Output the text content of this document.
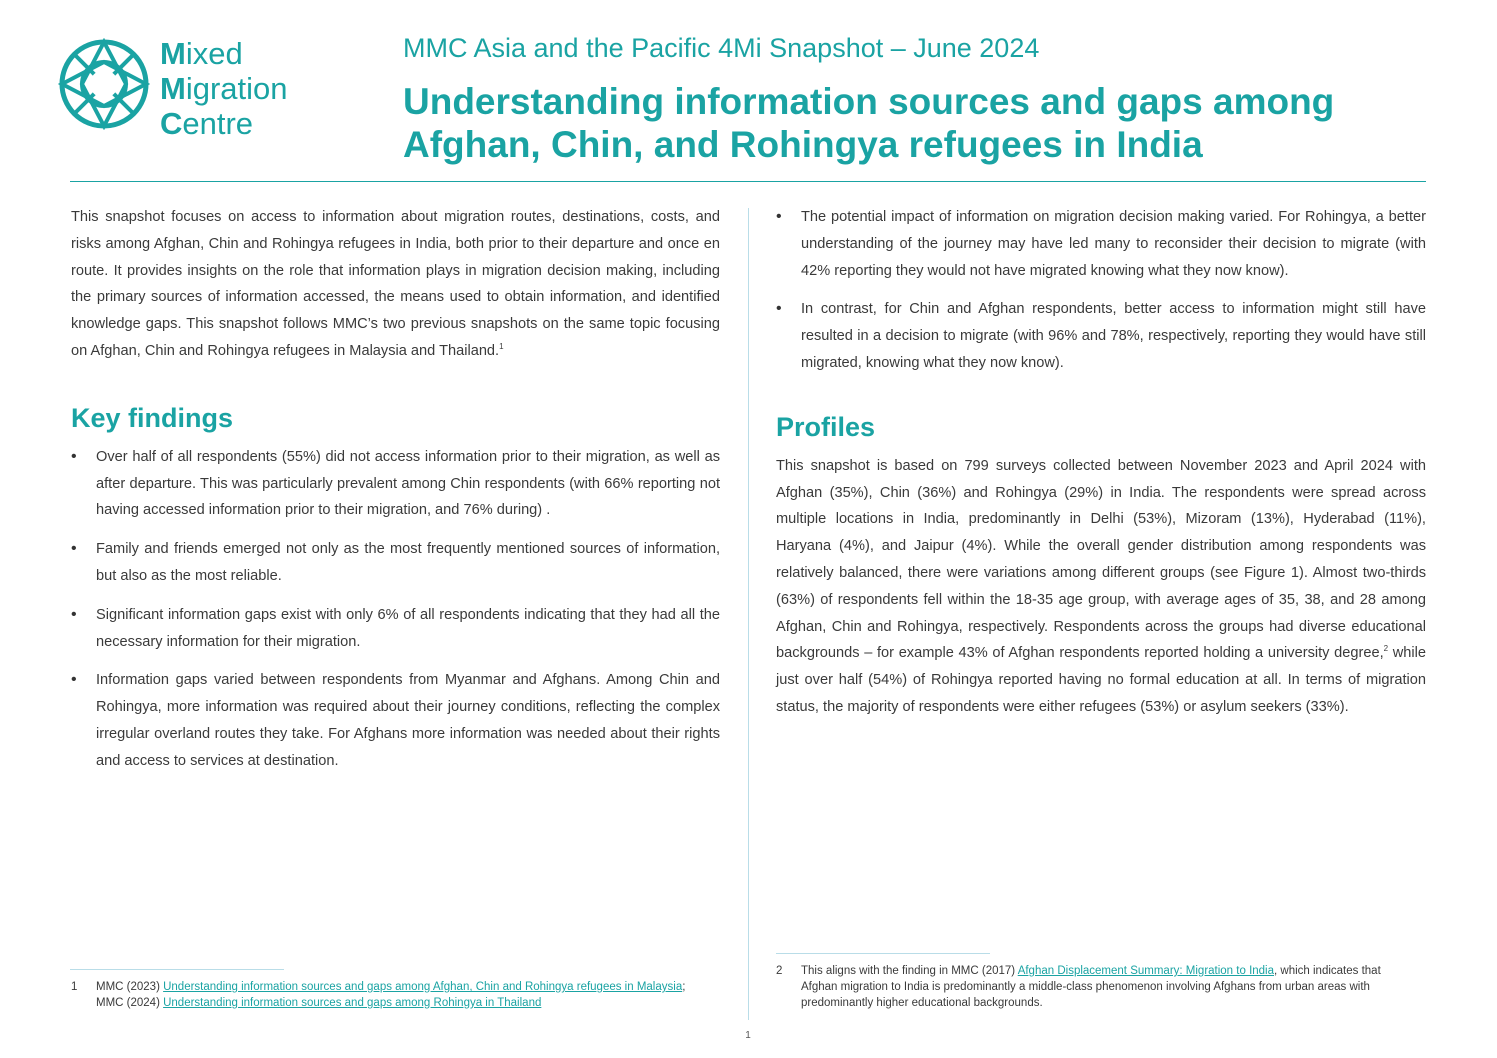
Mixed
Migration
Centre
MMC Asia and the Pacific 4Mi Snapshot – June 2024
Understanding information sources and gaps among Afghan, Chin, and Rohingya refugees in India

This snapshot focuses on access to information about migration routes, destinations, costs, and risks among Afghan, Chin and Rohingya refugees in India, both prior to their departure and once en route. It provides insights on the role that information plays in migration decision making, including the primary sources of information accessed, the means used to obtain information, and identified knowledge gaps. This snapshot follows MMC’s two previous snapshots on the same topic focusing on Afghan, Chin and Rohingya refugees in Malaysia and Thailand.$^1$

Key findings
• Over half of all respondents (55%) did not access information prior to their migration, as well as after departure. This was particularly prevalent among Chin respondents (with 66% reporting not having accessed information prior to their migration, and 76% during) .
• Family and friends emerged not only as the most frequently mentioned sources of information, but also as the most reliable.
• Significant information gaps exist with only 6% of all respondents indicating that they had all the necessary information for their migration.
• Information gaps varied between respondents from Myanmar and Afghans. Among Chin and Rohingya, more information was required about their journey conditions, reflecting the complex irregular overland routes they take. For Afghans more information was needed about their rights and access to services at destination.
• The potential impact of information on migration decision making varied. For Rohingya, a better understanding of the journey may have led many to reconsider their decision to migrate (with 42% reporting they would not have migrated knowing what they now know).
• In contrast, for Chin and Afghan respondents, better access to information might still have resulted in a decision to migrate (with 96% and 78%, respectively, reporting they would have still migrated, knowing what they now know).
Profiles

This snapshot is based on 799 surveys collected between November 2023 and April 2024 with Afghan (35%), Chin (36%) and Rohingya (29%) in India. The respondents were spread across multiple locations in India, predominantly in Delhi (53%), Mizoram (13%), Hyderabad (11%), Haryana (4%), and Jaipur (4%). While the overall gender distribution among respondents was relatively balanced, there were variations among different groups (see Figure 1). Almost two-thirds (63%) of respondents fell within the 18-35 age group, with average ages of 35, 38, and 28 among Afghan, Chin and Rohingya, respectively. Respondents across the groups had diverse educational backgrounds – for example 43% of Afghan respondents reported holding a university degree,$^2$ while just over half (54%) of Rohingya reported having no formal education at all. In terms of migration status, the majority of respondents were either refugees (53%) or asylum seekers (33%).

1	MMC (2023) Understanding information sources and gaps among Afghan, Chin and Rohingya refugees in Malaysia; MMC (2024) Understanding information sources and gaps among Rohingya in Thailand
2	This aligns with the finding in MMC (2017) Afghan Displacement Summary: Migration to India, which indicates that Afghan migration to India is predominantly a middle-class phenomenon involving Afghans from urban areas with predominantly higher educational backgrounds.
1
